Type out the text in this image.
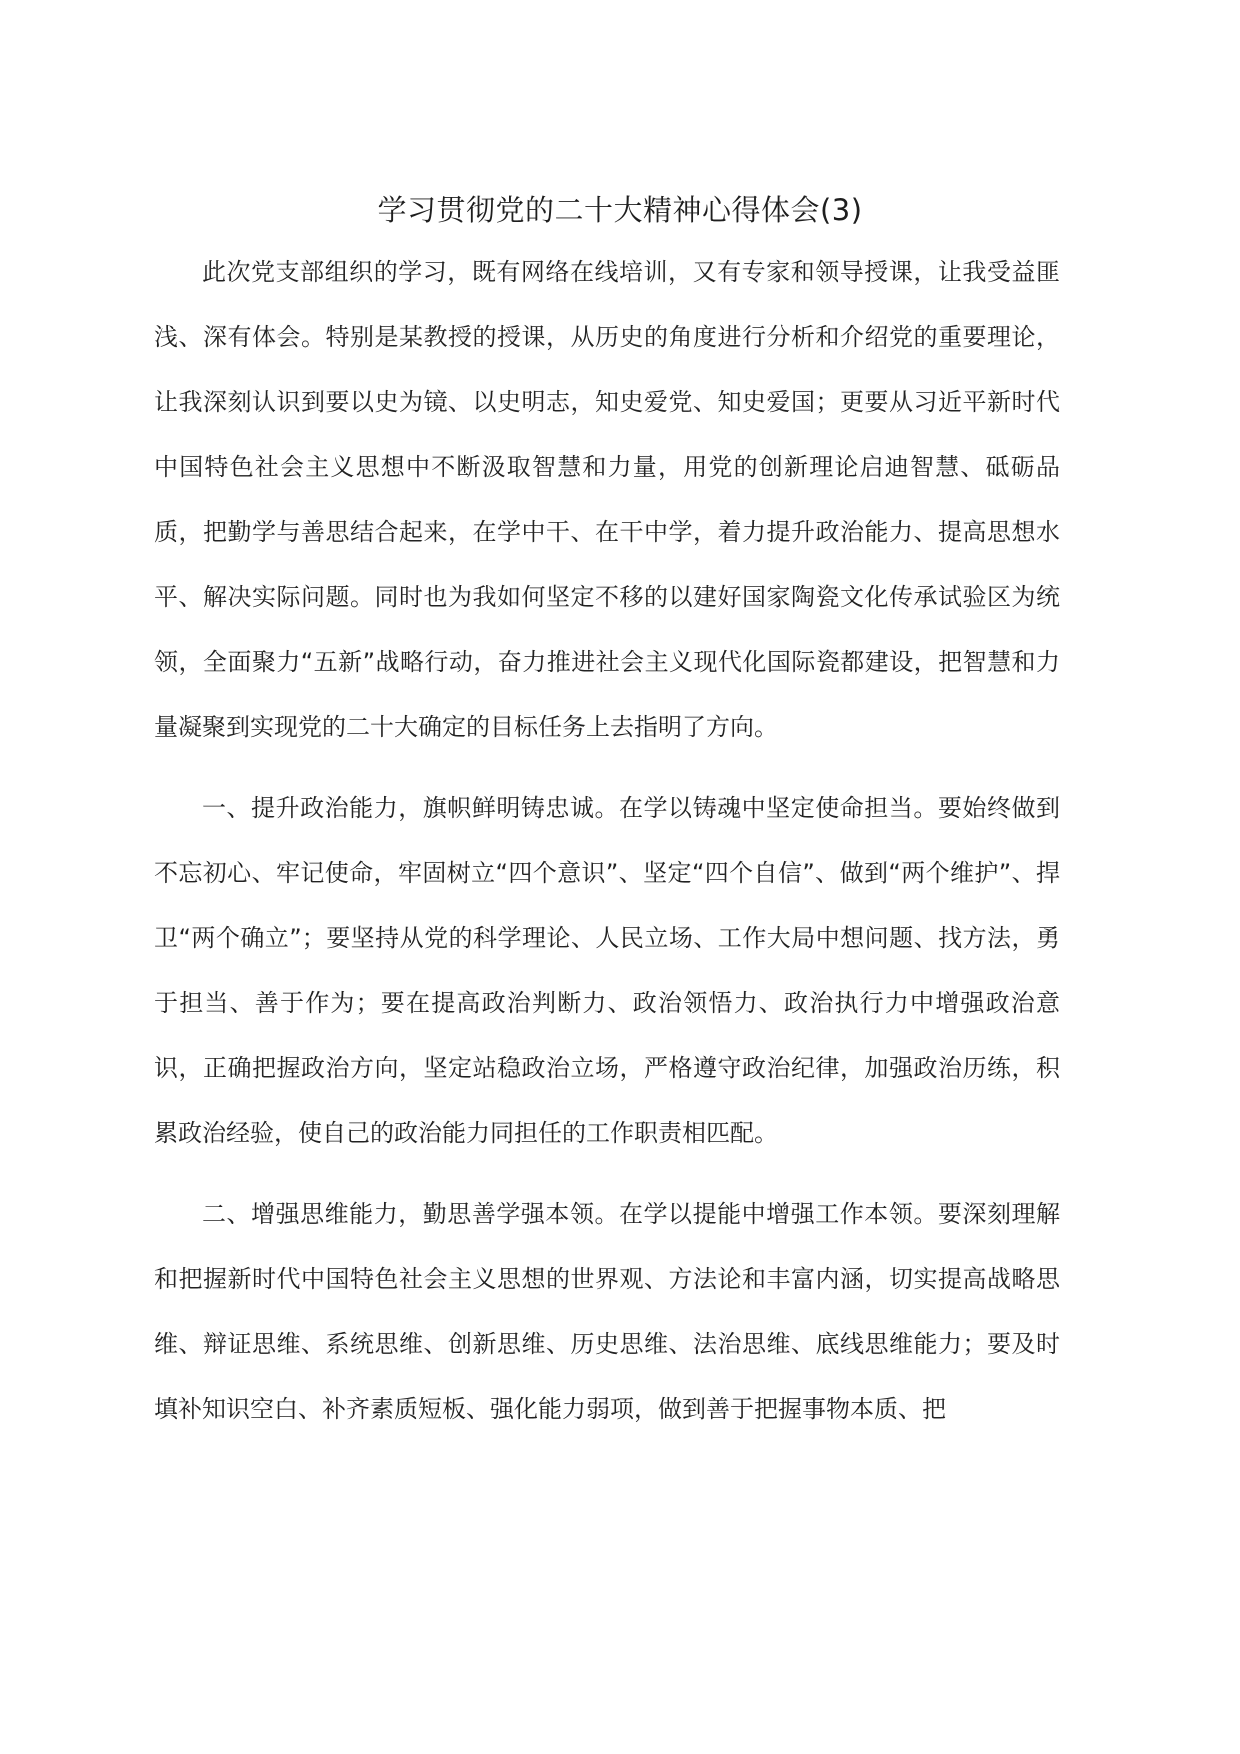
学习贯彻党的二十大精神心得体会(3)

此次党支部组织的学习，既有网络在线培训，又有专家和领导授课，让我受益匪浅、深有体会。特别是某教授的授课，从历史的角度进行分析和介绍党的重要理论，让我深刻认识到要以史为镜、以史明志，知史爱党、知史爱国；更要从习近平新时代中国特色社会主义思想中不断汲取智慧和力量，用党的创新理论启迪智慧、砥砺品质，把勤学与善思结合起来，在学中干、在干中学，着力提升政治能力、提高思想水平、解决实际问题。同时也为我如何坚定不移的以建好国家陶瓷文化传承试验区为统领，全面聚力“五新”战略行动，奋力推进社会主义现代化国际瓷都建设，把智慧和力量凝聚到实现党的二十大确定的目标任务上去指明了方向。

一、提升政治能力，旗帜鲜明铸忠诚。在学以铸魂中坚定使命担当。要始终做到不忘初心、牢记使命，牢固树立“四个意识”、坚定“四个自信”、做到“两个维护”、捍卫“两个确立”；要坚持从党的科学理论、人民立场、工作大局中想问题、找方法，勇于担当、善于作为；要在提高政治判断力、政治领悟力、政治执行力中增强政治意识，正确把握政治方向，坚定站稳政治立场，严格遵守政治纪律，加强政治历练，积累政治经验，使自己的政治能力同担任的工作职责相匹配。

二、增强思维能力，勤思善学强本领。在学以提能中增强工作本领。要深刻理解和把握新时代中国特色社会主义思想的世界观、方法论和丰富内涵，切实提高战略思维、辩证思维、系统思维、创新思维、历史思维、法治思维、底线思维能力；要及时填补知识空白、补齐素质短板、强化能力弱项，做到善于把握事物本质、把
